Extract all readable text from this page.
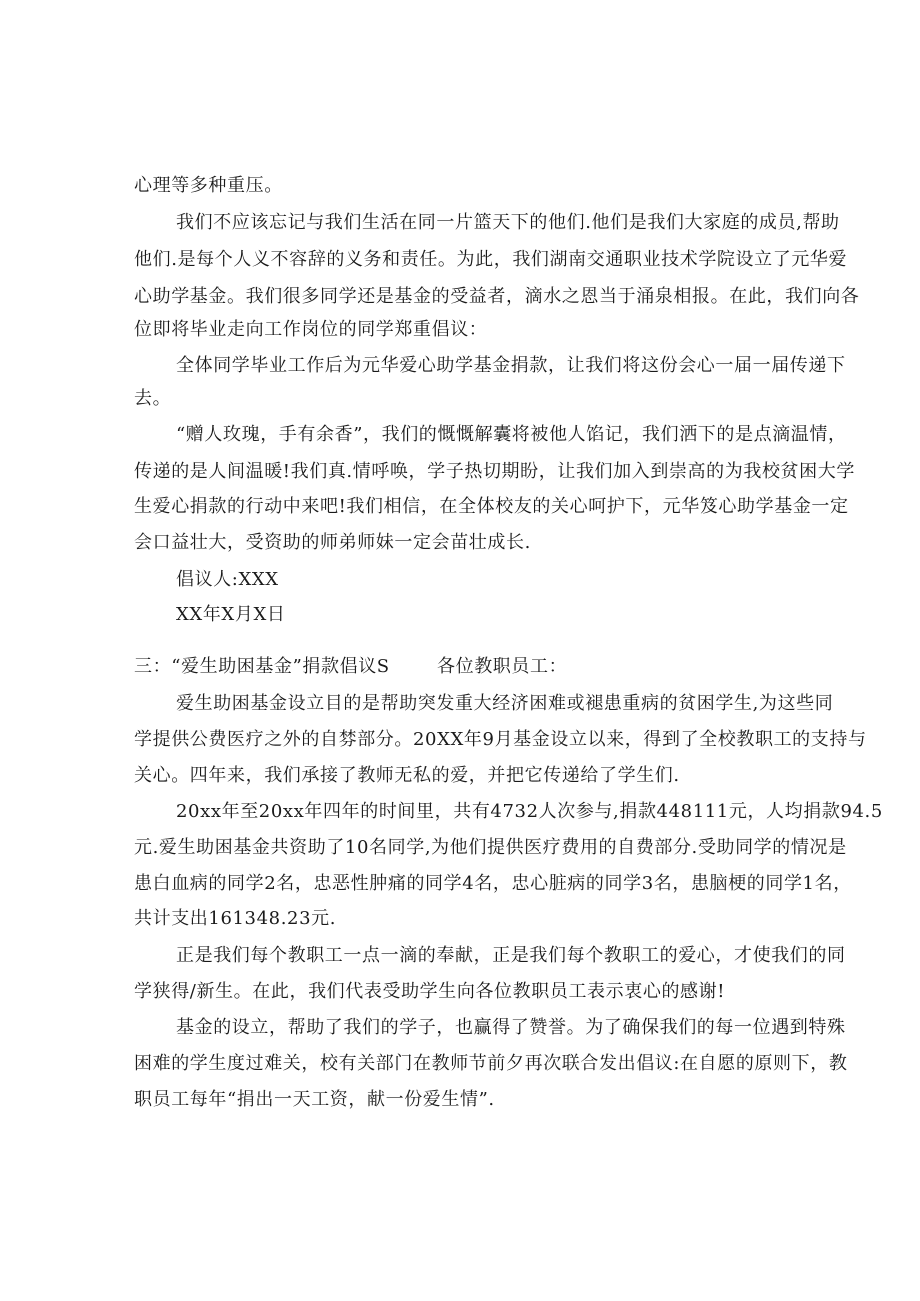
心理等多种重压。
我们不应该忘记与我们生活在同一片篮天下的他们.他们是我们大家庭的成员,帮助
他们.是每个人义不容辞的义务和责任。为此，我们湖南交通职业技术学院设立了元华爱
心助学基金。我们很多同学还是基金的受益者，滴水之恩当于涌泉相报。在此，我们向各
位即将毕业走向工作岗位的同学郑重倡议：
全体同学毕业工作后为元华爱心助学基金捐款，让我们将这份会心一届一届传递下
去。
“赠人玫瑰，手有余香”，我们的慨慨解囊将被他人馅记，我们洒下的是点滴温情，
传递的是人间温暖!我们真.情呼唤，学子热切期盼，让我们加入到崇高的为我校贫困大学
生爱心捐款的行动中来吧!我们相信，在全体校友的关心呵护下，元华笈心助学基金一定
会口益壮大，受资助的师弟师妹一定会苗壮成长.
倡议人:XXX
XX年X月X日
三：“爱生助困基金”捐款倡议S	各位教职员工：
爱生助困基金设立目的是帮助突发重大经济困难或褪患重病的贫困学生,为这些同
学提供公费医疗之外的自棼部分。20XX年9月基金设立以来，得到了全校教职工的支持与
关心。四年来，我们承接了教师无私的爱，并把它传递给了学生们.
20xx年至20xx年四年的时间里，共有4732人次参与,捐款448111元，人均捐款94.5
元.爱生助困基金共资助了10名同学,为他们提供医疗费用的自费部分.受助同学的情况是
患白血病的同学2名，忠恶性肿痛的同学4名，忠心脏病的同学3名，患脑梗的同学1名，
共计支出161348.23元.
正是我们每个教职工一点一滴的奉献，正是我们每个教职工的爱心，才使我们的同
学狭得/新生。在此，我们代表受助学生向各位教职员工表示衷心的感谢!
基金的设立，帮助了我们的学子，也赢得了赞誉。为了确保我们的每一位遇到特殊
困难的学生度过难关，校有关部门在教师节前夕再次联合发出倡议:在自愿的原则下，教
职员工每年“捐出一天工资，献一份爱生情”.
